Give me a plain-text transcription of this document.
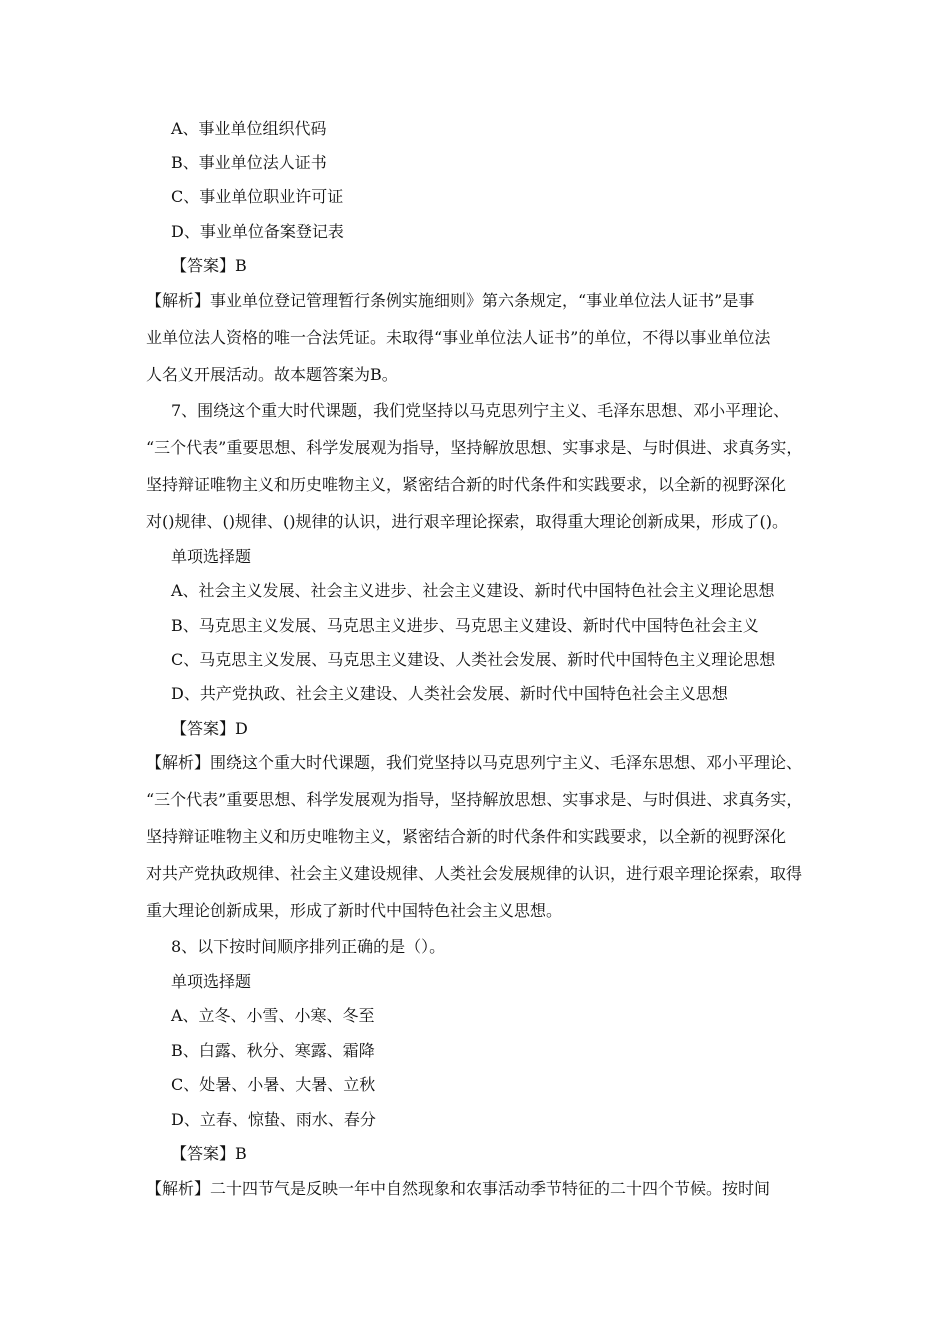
A、事业单位组织代码
B、事业单位法人证书
C、事业单位职业许可证
D、事业单位备案登记表
【答案】B
【解析】事业单位登记管理暂行条例实施细则》第六条规定，“事业单位法人证书”是事
业单位法人资格的唯一合法凭证。未取得“事业单位法人证书”的单位，不得以事业单位法
人名义开展活动。故本题答案为B。
7、围绕这个重大时代课题，我们党坚持以马克思列宁主义、毛泽东思想、邓小平理论、
“三个代表”重要思想、科学发展观为指导，坚持解放思想、实事求是、与时俱进、求真务实，
坚持辩证唯物主义和历史唯物主义，紧密结合新的时代条件和实践要求，以全新的视野深化
对()规律、()规律、()规律的认识，进行艰辛理论探索，取得重大理论创新成果，形成了()。
单项选择题
A、社会主义发展、社会主义进步、社会主义建设、新时代中国特色社会主义理论思想
B、马克思主义发展、马克思主义进步、马克思主义建设、新时代中国特色社会主义
C、马克思主义发展、马克思主义建设、人类社会发展、新时代中国特色主义理论思想
D、共产党执政、社会主义建设、人类社会发展、新时代中国特色社会主义思想
【答案】D
【解析】围绕这个重大时代课题，我们党坚持以马克思列宁主义、毛泽东思想、邓小平理论、
“三个代表”重要思想、科学发展观为指导，坚持解放思想、实事求是、与时俱进、求真务实，
坚持辩证唯物主义和历史唯物主义，紧密结合新的时代条件和实践要求，以全新的视野深化
对共产党执政规律、社会主义建设规律、人类社会发展规律的认识，进行艰辛理论探索，取得
重大理论创新成果，形成了新时代中国特色社会主义思想。
8、以下按时间顺序排列正确的是（）。
单项选择题
A、立冬、小雪、小寒、冬至
B、白露、秋分、寒露、霜降
C、处暑、小暑、大暑、立秋
D、立春、惊蛰、雨水、春分
【答案】B
【解析】二十四节气是反映一年中自然现象和农事活动季节特征的二十四个节候。按时间
